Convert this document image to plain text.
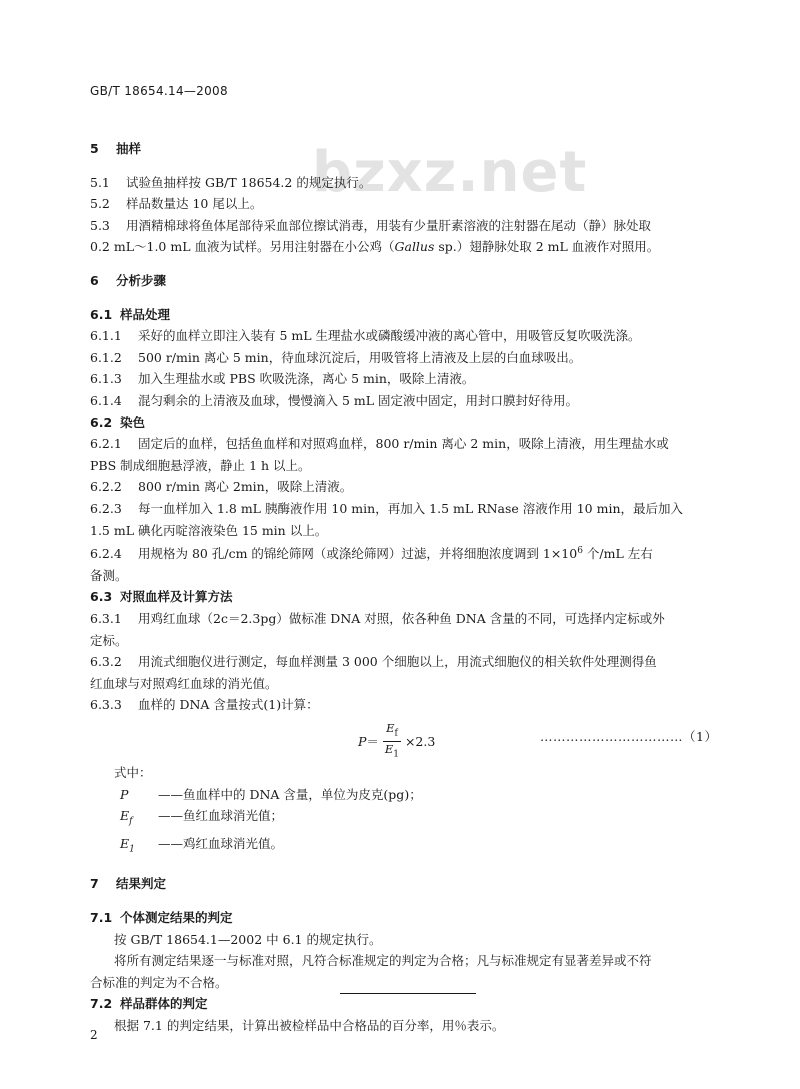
GB/T 18654.14—2008
bzxz.net
5 抽样

5.1 试验鱼抽样按 GB/T 18654.2 的规定执行。

5.2 样品数量达 10 尾以上。

5.3 用酒精棉球将鱼体尾部待采血部位擦试消毒，用装有少量肝素溶液的注射器在尾动（静）脉处取

0.2 mL～1.0 mL 血液为试样。另用注射器在小公鸡（Gallus sp.）翅静脉处取 2 mL 血液作对照用。

6 分析步骤
6.1 样品处理

6.1.1 采好的血样立即注入装有 5 mL 生理盐水或磷酸缓冲液的离心管中，用吸管反复吹吸洗涤。

6.1.2 500 r/min 离心 5 min，待血球沉淀后，用吸管将上清液及上层的白血球吸出。

6.1.3 加入生理盐水或 PBS 吹吸洗涤，离心 5 min，吸除上清液。

6.1.4 混匀剩余的上清液及血球，慢慢滴入 5 mL 固定液中固定，用封口膜封好待用。

6.2 染色

6.2.1 固定后的血样，包括鱼血样和对照鸡血样，800 r/min 离心 2 min，吸除上清液，用生理盐水或

PBS 制成细胞悬浮液，静止 1 h 以上。

6.2.2 800 r/min 离心 2min，吸除上清液。

6.2.3 每一血样加入 1.8 mL 胰酶液作用 10 min，再加入 1.5 mL RNase 溶液作用 10 min，最后加入

1.5 mL 碘化丙啶溶液染色 15 min 以上。

6.2.4 用规格为 80 孔/cm 的锦纶筛网（或涤纶筛网）过滤，并将细胞浓度调到 $1\times 10^6$ 个/mL 左右

备测。

6.3 对照血样及计算方法

6.3.1 用鸡红血球（2c＝2.3pg）做标准 DNA 对照，依各种鱼 DNA 含量的不同，可选择内定标或外

定标。

6.3.2 用流式细胞仪进行测定，每血样测量 3 000 个细胞以上，用流式细胞仪的相关软件处理测得鱼

红血球与对照鸡红血球的消光值。

6.3.3 血样的 DNA 含量按式(1)计算：

$P = \frac{E_f}{E_1} \times 2.3$	……………………………（1）

式中：

P ——鱼血样中的 DNA 含量，单位为皮克(pg)；

$E_f$ ——鱼红血球消光值；

$E_1$ ——鸡红血球消光值。

7 结果判定
7.1 个体测定结果的判定

按 GB/T 18654.1—2002 中 6.1 的规定执行。

将所有测定结果逐一与标准对照，凡符合标准规定的判定为合格；凡与标准规定有显著差异或不符

合标准的判定为不合格。

7.2 样品群体的判定

根据 7.1 的判定结果，计算出被检样品中合格品的百分率，用％表示。

2
